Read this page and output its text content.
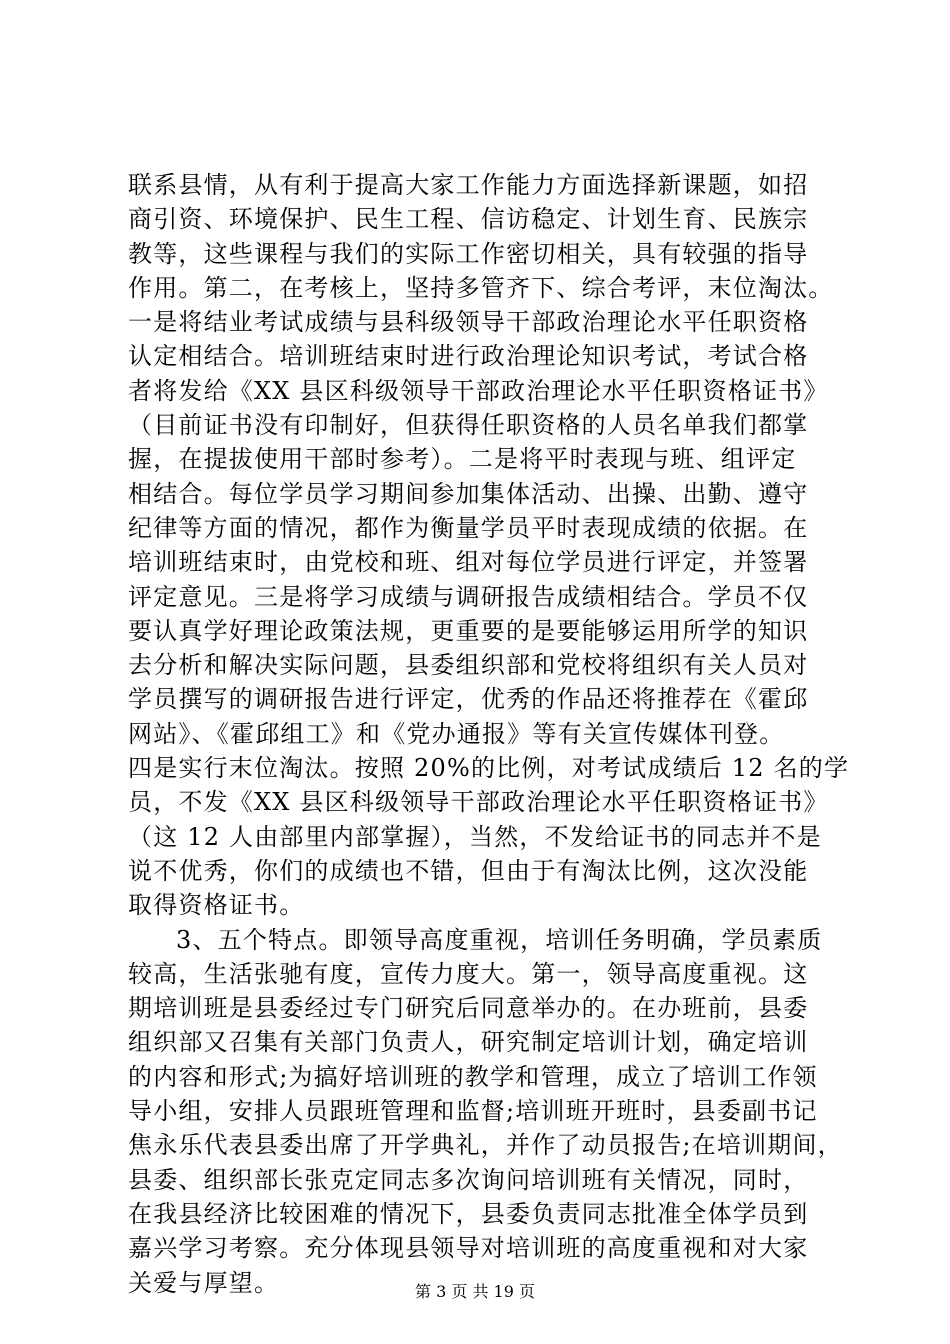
联系县情，从有利于提高大家工作能力方面选择新课题，如招
商引资、环境保护、民生工程、信访稳定、计划生育、民族宗
教等，这些课程与我们的实际工作密切相关，具有较强的指导
作用。第二，在考核上，坚持多管齐下、综合考评，末位淘汰。
一是将结业考试成绩与县科级领导干部政治理论水平任职资格
认定相结合。培训班结束时进行政治理论知识考试，考试合格
者将发给《XX 县区科级领导干部政治理论水平任职资格证书》
（目前证书没有印制好，但获得任职资格的人员名单我们都掌
握，在提拔使用干部时参考）。二是将平时表现与班、组评定
相结合。每位学员学习期间参加集体活动、出操、出勤、遵守
纪律等方面的情况，都作为衡量学员平时表现成绩的依据。在
培训班结束时，由党校和班、组对每位学员进行评定，并签署
评定意见。三是将学习成绩与调研报告成绩相结合。学员不仅
要认真学好理论政策法规，更重要的是要能够运用所学的知识
去分析和解决实际问题，县委组织部和党校将组织有关人员对
学员撰写的调研报告进行评定，优秀的作品还将推荐在《霍邱
网站》、《霍邱组工》和《党办通报》等有关宣传媒体刊登。
四是实行末位淘汰。按照 20%的比例，对考试成绩后 12 名的学
员，不发《XX 县区科级领导干部政治理论水平任职资格证书》
（这 12 人由部里内部掌握），当然，不发给证书的同志并不是
说不优秀，你们的成绩也不错，但由于有淘汰比例，这次没能
取得资格证书。
3、五个特点。即领导高度重视，培训任务明确，学员素质
较高，生活张驰有度，宣传力度大。第一，领导高度重视。这
期培训班是县委经过专门研究后同意举办的。在办班前，县委
组织部又召集有关部门负责人，研究制定培训计划，确定培训
的内容和形式;为搞好培训班的教学和管理，成立了培训工作领
导小组，安排人员跟班管理和监督;培训班开班时，县委副书记
焦永乐代表县委出席了开学典礼，并作了动员报告;在培训期间，
县委、组织部长张克定同志多次询问培训班有关情况，同时，
在我县经济比较困难的情况下，县委负责同志批准全体学员到
嘉兴学习考察。充分体现县领导对培训班的高度重视和对大家
关爱与厚望。	第 3 页 共 19 页
